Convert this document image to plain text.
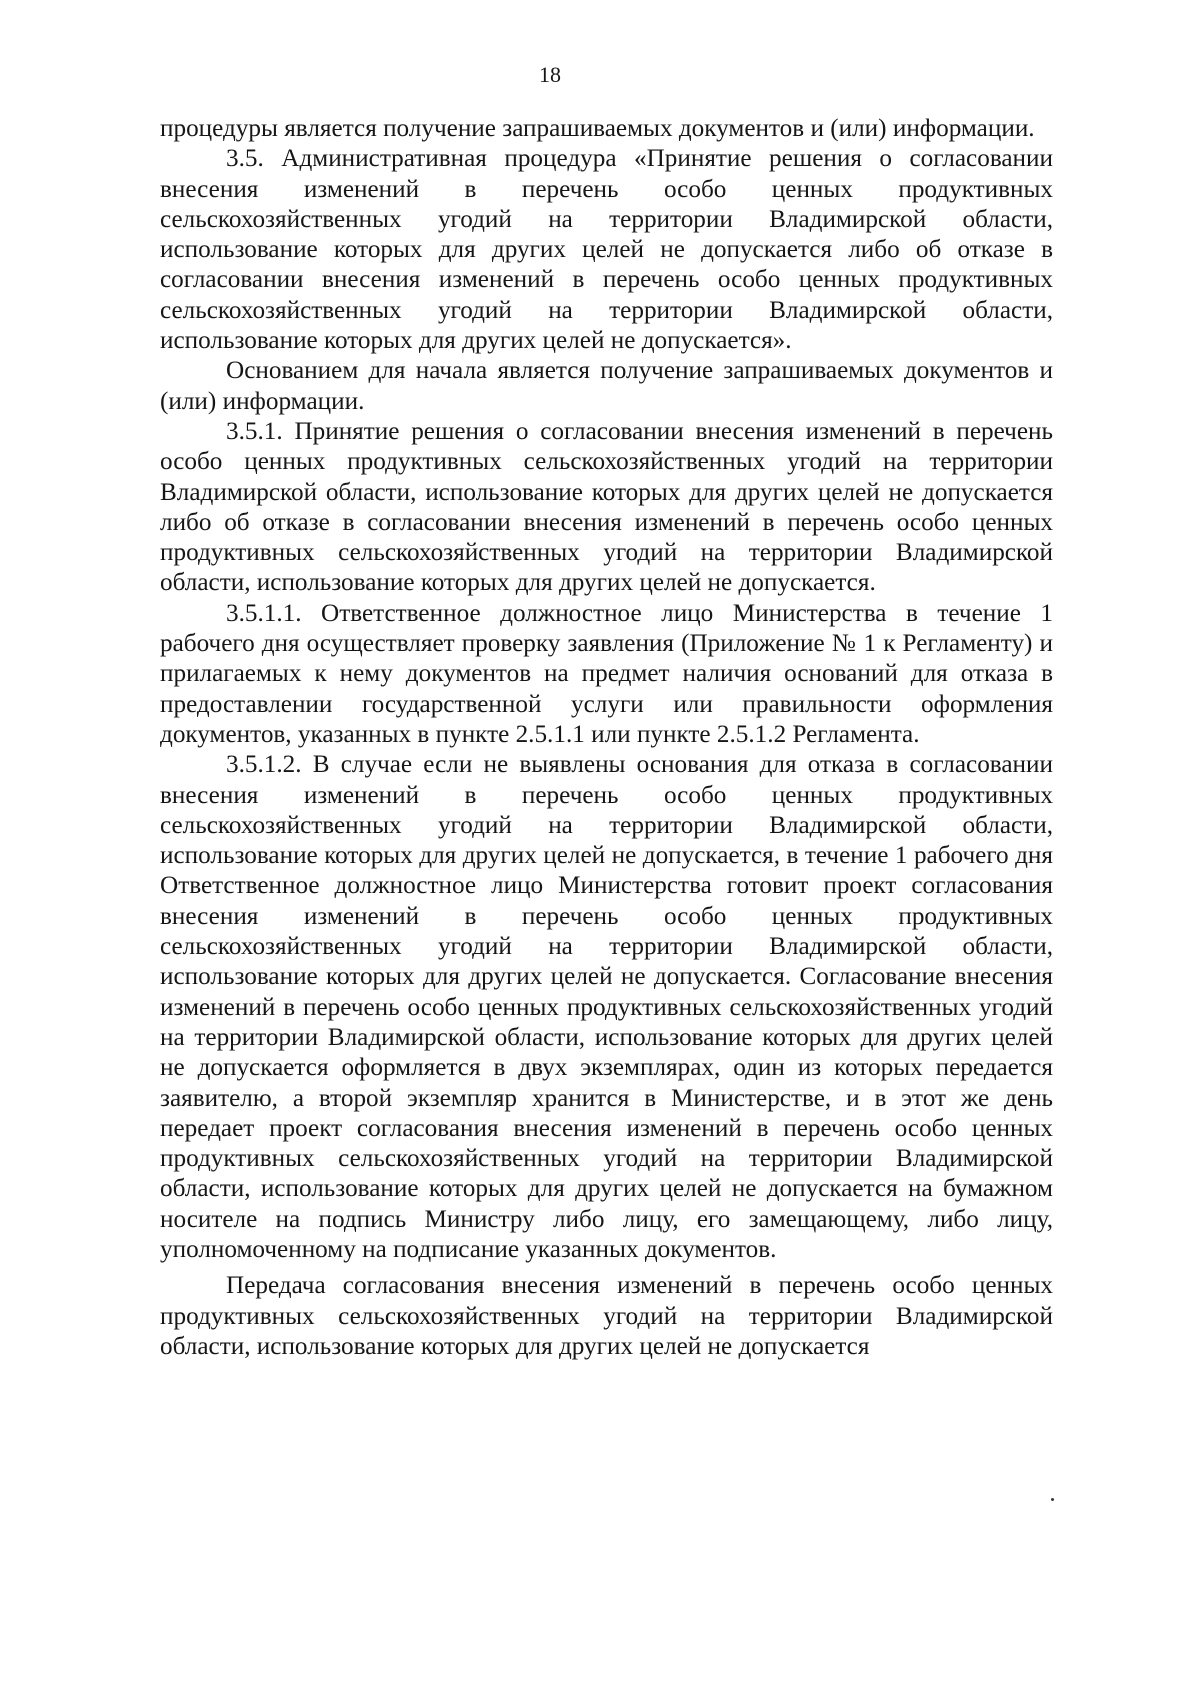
18

процедуры является получение запрашиваемых документов и (или) информации.

3.5. Административная процедура «Принятие решения о согласовании внесения изменений в перечень особо ценных продуктивных сельскохозяйственных угодий на территории Владимирской области, использование которых для других целей не допускается либо об отказе в согласовании внесения изменений в перечень особо ценных продуктивных сельскохозяйственных угодий на территории Владимирской области, использование которых для других целей не допускается».

Основанием для начала является получение запрашиваемых документов и (или) информации.

3.5.1. Принятие решения о согласовании внесения изменений в перечень особо ценных продуктивных сельскохозяйственных угодий на территории Владимирской области, использование которых для других целей не допускается либо об отказе в согласовании внесения изменений в перечень особо ценных продуктивных сельскохозяйственных угодий на территории Владимирской области, использование которых для других целей не допускается.

3.5.1.1. Ответственное должностное лицо Министерства в течение 1 рабочего дня осуществляет проверку заявления (Приложение № 1 к Регламенту) и прилагаемых к нему документов на предмет наличия оснований для отказа в предоставлении государственной услуги или правильности оформления документов, указанных в пункте 2.5.1.1 или пункте 2.5.1.2 Регламента.

3.5.1.2. В случае если не выявлены основания для отказа в согласовании внесения изменений в перечень особо ценных продуктивных сельскохозяйственных угодий на территории Владимирской области, использование которых для других целей не допускается, в течение 1 рабочего дня Ответственное должностное лицо Министерства готовит проект согласования внесения изменений в перечень особо ценных продуктивных сельскохозяйственных угодий на территории Владимирской области, использование которых для других целей не допускается. Согласование внесения изменений в перечень особо ценных продуктивных сельскохозяйственных угодий на территории Владимирской области, использование которых для других целей не допускается оформляется в двух экземплярах, один из которых передается заявителю, а второй экземпляр хранится в Министерстве, и в этот же день передает проект согласования внесения изменений в перечень особо ценных продуктивных сельскохозяйственных угодий на территории Владимирской области, использование которых для других целей не допускается на бумажном носителе на подпись Министру либо лицу, его замещающему, либо лицу, уполномоченному на подписание указанных документов.

Передача согласования внесения изменений в перечень особо ценных продуктивных сельскохозяйственных угодий на территории Владимирской области, использование которых для других целей не допускается
